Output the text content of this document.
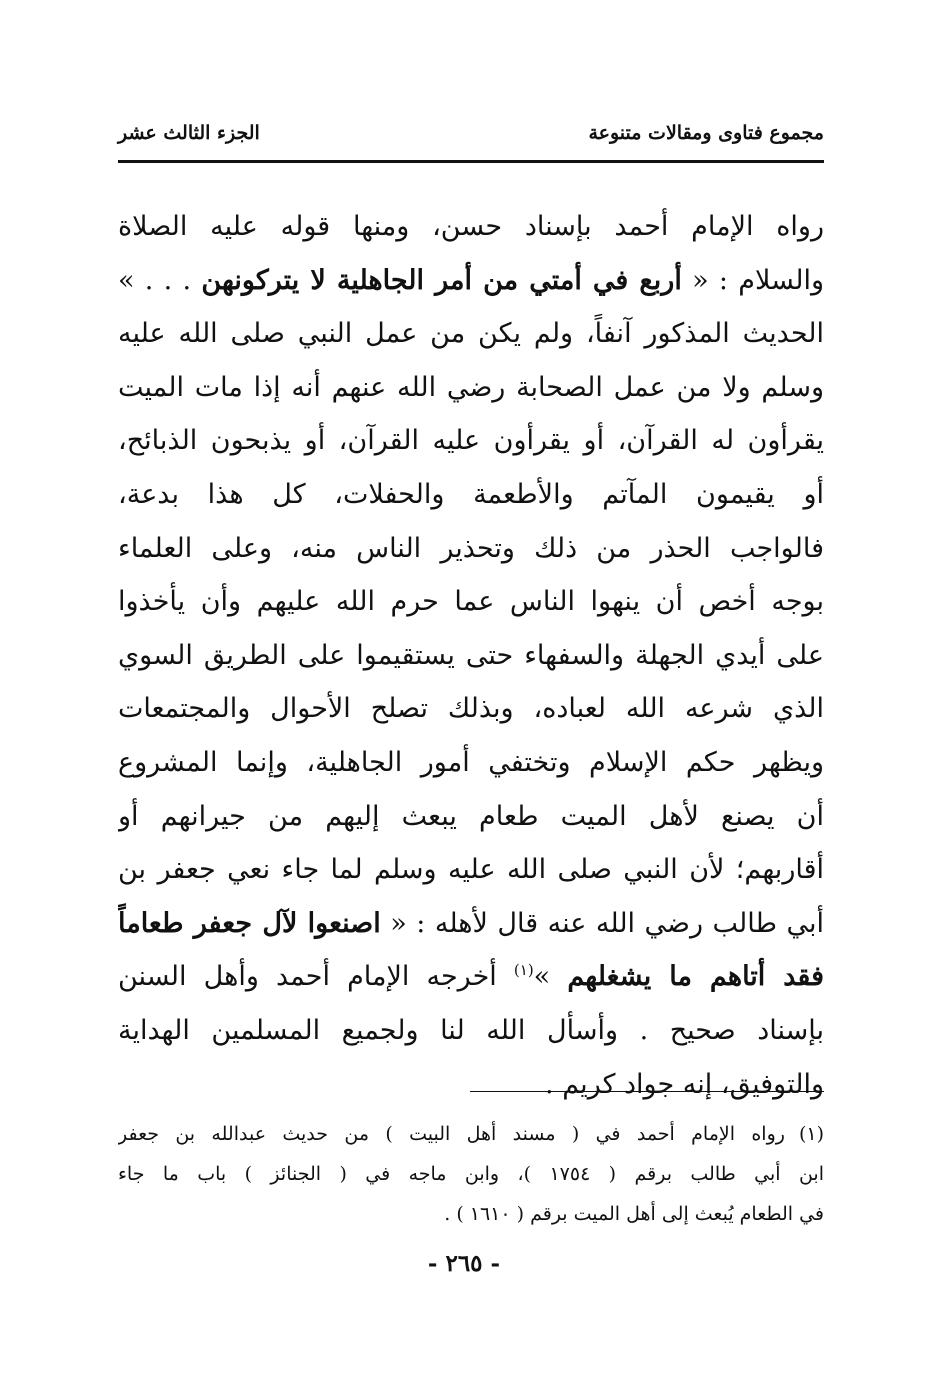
مجموع فتاوى ومقالات متنوعة
الجزء الثالث عشر
رواه الإمام أحمد بإسناد حسن، ومنها قوله عليه الصلاة
والسلام : « أربع في أمتي من أمر الجاهلية لا يتركونهن . . . »
الحديث المذكور آنفاً، ولم يكن من عمل النبي صلى الله عليه
وسلم ولا من عمل الصحابة رضي الله عنهم أنه إذا مات الميت
يقرأون له القرآن، أو يقرأون عليه القرآن، أو يذبحون الذبائح،
أو يقيمون المآتم والأطعمة والحفلات، كل هذا بدعة،
فالواجب الحذر من ذلك وتحذير الناس منه، وعلى العلماء
بوجه أخص أن ينهوا الناس عما حرم الله عليهم وأن يأخذوا
على أيدي الجهلة والسفهاء حتى يستقيموا على الطريق السوي
الذي شرعه الله لعباده، وبذلك تصلح الأحوال والمجتمعات
ويظهر حكم الإسلام وتختفي أمور الجاهلية، وإنما المشروع
أن يصنع لأهل الميت طعام يبعث إليهم من جيرانهم أو
أقاربهم؛ لأن النبي صلى الله عليه وسلم لما جاء نعي جعفر بن
أبي طالب رضي الله عنه قال لأهله : « اصنعوا لآل جعفر طعاماً
فقد أتاهم ما يشغلهم »$^{(١)}$ أخرجه الإمام أحمد وأهل السنن
بإسناد صحيح . وأسأل الله لنا ولجميع المسلمين الهداية
والتوفيق، إنه جواد كريم .
(١)رواه الإمام أحمد في ( مسند أهل البيت ) من حديث عبدالله بن جعفر
ابن أبي طالب برقم ( ١٧٥٤ )، وابن ماجه في ( الجنائز ) باب ما جاء
في الطعام يُبعث إلى أهل الميت برقم ( ١٦١٠ ) .
- ٢٦٥ -
